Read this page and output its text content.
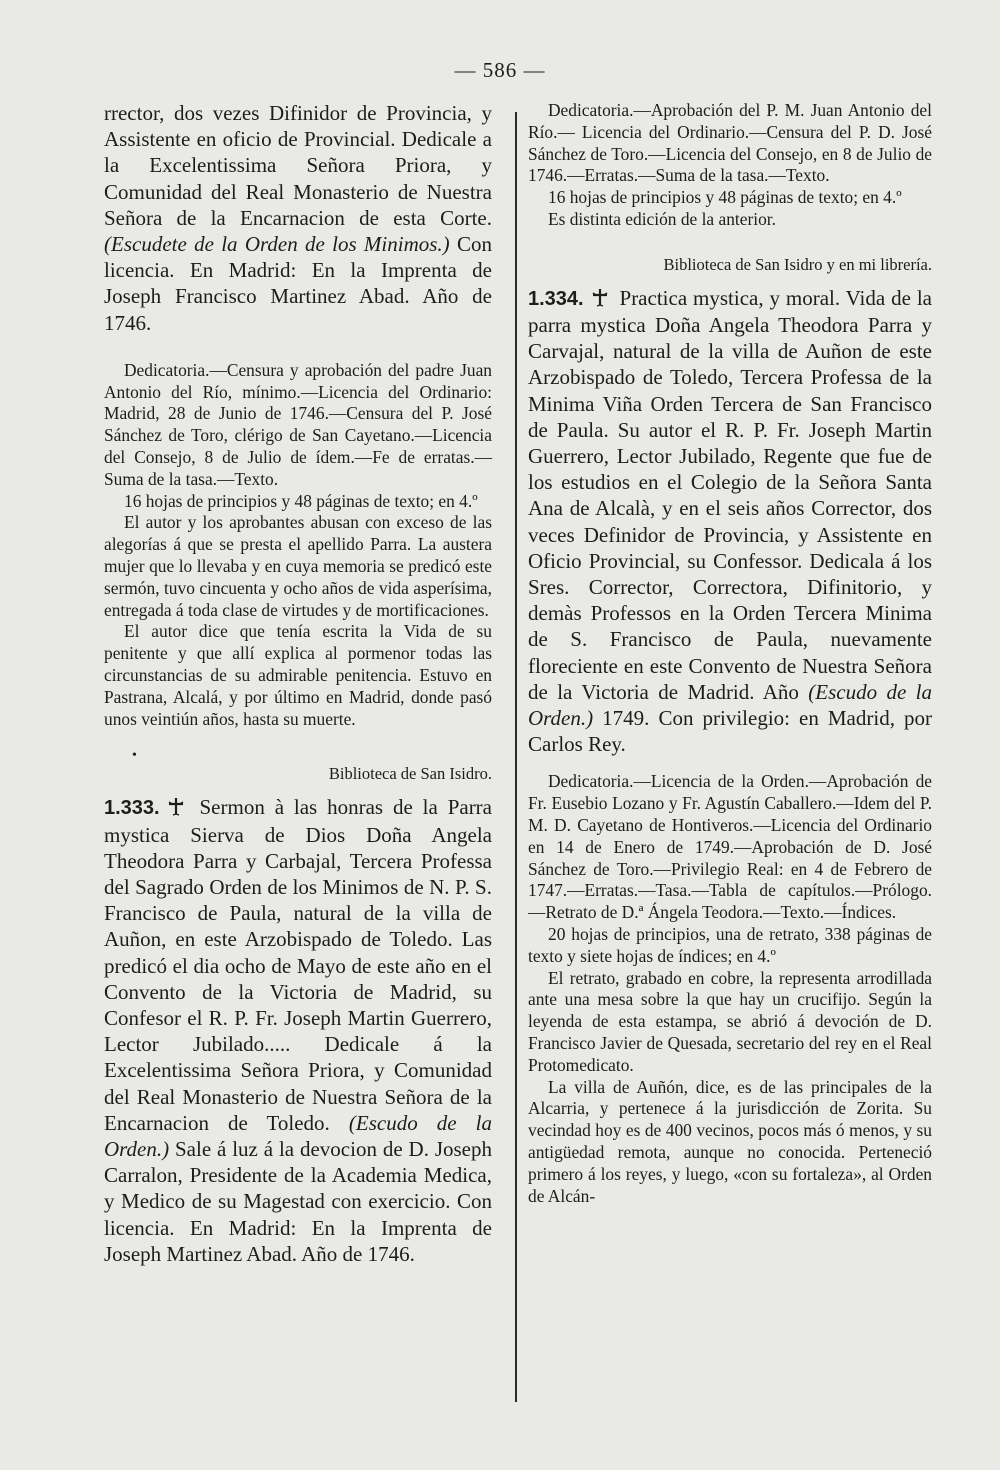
— 586 —

rrector, dos vezes Difinidor de Provincia, y Assistente en oficio de Provincial. Dedicale a la Excelentissima Señora Priora, y Comunidad del Real Monasterio de Nuestra Señora de la Encarnacion de esta Corte. (Escudete de la Orden de los Minimos.) Con licencia. En Madrid: En la Imprenta de Joseph Francisco Martinez Abad. Año de 1746.

Dedicatoria.—Censura y aprobación del padre Juan Antonio del Río, mínimo.—Licencia del Ordinario: Madrid, 28 de Junio de 1746.—Censura del P. José Sánchez de Toro, clérigo de San Cayetano.—Licencia del Consejo, 8 de Julio de ídem.—Fe de erratas.—Suma de la tasa.—Texto.

16 hojas de principios y 48 páginas de texto; en 4.º

El autor y los aprobantes abusan con exceso de las alegorías á que se presta el apellido Parra. La austera mujer que lo llevaba y en cuya memoria se predicó este sermón, tuvo cincuenta y ocho años de vida asperísima, entregada á toda clase de virtudes y de mortificaciones.

El autor dice que tenía escrita la Vida de su penitente y que allí explica al pormenor todas las circunstancias de su admirable penitencia. Estuvo en Pastrana, Alcalá, y por último en Madrid, donde pasó unos veintiún años, hasta su muerte.

•

Biblioteca de San Isidro.

1.333.
Sermon à las honras de la Parra mystica Sierva de Dios Doña Angela Theodora Parra y Carbajal, Tercera Professa del Sagrado Orden de los Minimos de N. P. S. Francisco de Paula, natural de la villa de Auñon, en este Arzobispado de Toledo. Las predicó el dia ocho de Mayo de este año en el Convento de la Victoria de Madrid, su Confesor el R. P. Fr. Joseph Martin Guerrero, Lector Jubilado..... Dedicale á la Excelentissima Señora Priora, y Comunidad del Real Monasterio de Nuestra Señora de la Encarnacion de Toledo. (Escudo de la Orden.) Sale á luz á la devocion de D. Joseph Carralon, Presidente de la Academia Medica, y Medico de su Magestad con exercicio. Con licencia. En Madrid: En la Imprenta de Joseph Martinez Abad. Año de 1746.

Dedicatoria.—Aprobación del P. M. Juan Antonio del Río.— Licencia del Ordinario.—Censura del P. D. José Sánchez de Toro.—Licencia del Consejo, en 8 de Julio de 1746.—Erratas.—Suma de la tasa.—Texto.

16 hojas de principios y 48 páginas de texto; en 4.º

Es distinta edición de la anterior.

Biblioteca de San Isidro y en mi librería.

1.334.
Practica mystica, y moral. Vida de la parra mystica Doña Angela Theodora Parra y Carvajal, natural de la villa de Auñon de este Arzobispado de Toledo, Tercera Professa de la Minima Viña Orden Tercera de San Francisco de Paula. Su autor el R. P. Fr. Joseph Martin Guerrero, Lector Jubilado, Regente que fue de los estudios en el Colegio de la Señora Santa Ana de Alcalà, y en el seis años Corrector, dos veces Definidor de Provincia, y Assistente en Oficio Provincial, su Confessor. Dedicala á los Sres. Corrector, Correctora, Difinitorio, y demàs Professos en la Orden Tercera Minima de S. Francisco de Paula, nuevamente floreciente en este Convento de Nuestra Señora de la Victoria de Madrid. Año (Escudo de la Orden.) 1749. Con privilegio: en Madrid, por Carlos Rey.

Dedicatoria.—Licencia de la Orden.—Aprobación de Fr. Eusebio Lozano y Fr. Agustín Caballero.—Idem del P. M. D. Cayetano de Hontiveros.—Licencia del Ordinario en 14 de Enero de 1749.—Aprobación de D. José Sánchez de Toro.—Privilegio Real: en 4 de Febrero de 1747.—Erratas.—Tasa.—Tabla de capítulos.—Prólogo.—Retrato de D.ª Ángela Teodora.—Texto.—Índices.

20 hojas de principios, una de retrato, 338 páginas de texto y siete hojas de índices; en 4.º

El retrato, grabado en cobre, la representa arrodillada ante una mesa sobre la que hay un crucifijo. Según la leyenda de esta estampa, se abrió á devoción de D. Francisco Javier de Quesada, secretario del rey en el Real Protomedicato.

La villa de Auñón, dice, es de las principales de la Alcarria, y pertenece á la jurisdicción de Zorita. Su vecindad hoy es de 400 vecinos, pocos más ó menos, y su antigüedad remota, aunque no conocida. Perteneció primero á los reyes, y luego, «con su fortaleza», al Orden de Alcán-
